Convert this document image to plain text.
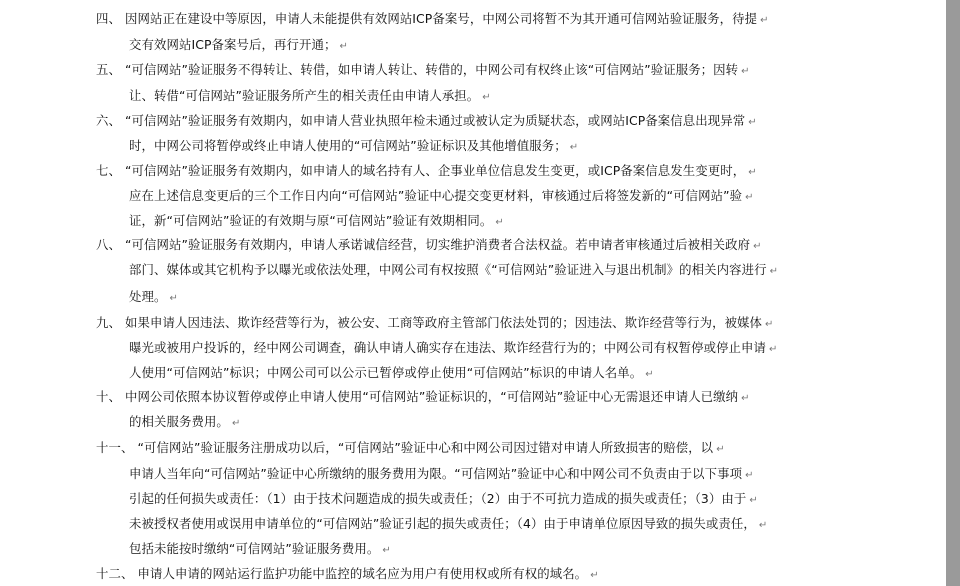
四、 因网站正在建设中等原因，申请人未能提供有效网站ICP备案号，中网公司将暂不为其开通可信网站验证服务，待提 ↵
交有效网站ICP备案号后，再行开通； ↵
五、 “可信网站”验证服务不得转让、转借，如申请人转让、转借的，中网公司有权终止该“可信网站”验证服务；因转 ↵
让、转借“可信网站”验证服务所产生的相关责任由申请人承担。 ↵
六、 “可信网站”验证服务有效期内，如申请人营业执照年检未通过或被认定为质疑状态，或网站ICP备案信息出现异常 ↵
时，中网公司将暂停或终止申请人使用的“可信网站”验证标识及其他增值服务； ↵
七、 “可信网站”验证服务有效期内，如申请人的域名持有人、企事业单位信息发生变更，或ICP备案信息发生变更时， ↵
应在上述信息变更后的三个工作日内向“可信网站”验证中心提交变更材料，审核通过后将签发新的“可信网站”验 ↵
证，新“可信网站”验证的有效期与原“可信网站”验证有效期相同。 ↵
八、 “可信网站”验证服务有效期内，申请人承诺诚信经营，切实维护消费者合法权益。若申请者审核通过后被相关政府 ↵
部门、媒体或其它机构予以曝光或依法处理，中网公司有权按照《“可信网站”验证进入与退出机制》的相关内容进行 ↵
处理。 ↵
九、 如果申请人因违法、欺诈经营等行为，被公安、工商等政府主管部门依法处罚的；因违法、欺诈经营等行为，被媒体 ↵
曝光或被用户投诉的，经中网公司调查，确认申请人确实存在违法、欺诈经营行为的；中网公司有权暂停或停止申请 ↵
人使用“可信网站”标识；中网公司可以公示已暂停或停止使用“可信网站”标识的申请人名单。 ↵
十、 中网公司依照本协议暂停或停止申请人使用“可信网站”验证标识的，“可信网站”验证中心无需退还申请人已缴纳 ↵
的相关服务费用。 ↵
十一、 “可信网站”验证服务注册成功以后，“可信网站”验证中心和中网公司因过错对申请人所致损害的赔偿，以 ↵
申请人当年向“可信网站”验证中心所缴纳的服务费用为限。“可信网站”验证中心和中网公司不负责由于以下事项 ↵
引起的任何损失或责任：（1）由于技术问题造成的损失或责任；（2）由于不可抗力造成的损失或责任；（3）由于 ↵
未被授权者使用或误用申请单位的“可信网站”验证引起的损失或责任；（4）由于申请单位原因导致的损失或责任， ↵
包括未能按时缴纳“可信网站”验证服务费用。 ↵
十二、 申请人申请的网站运行监护功能中监控的域名应为用户有使用权或所有权的域名。 ↵
